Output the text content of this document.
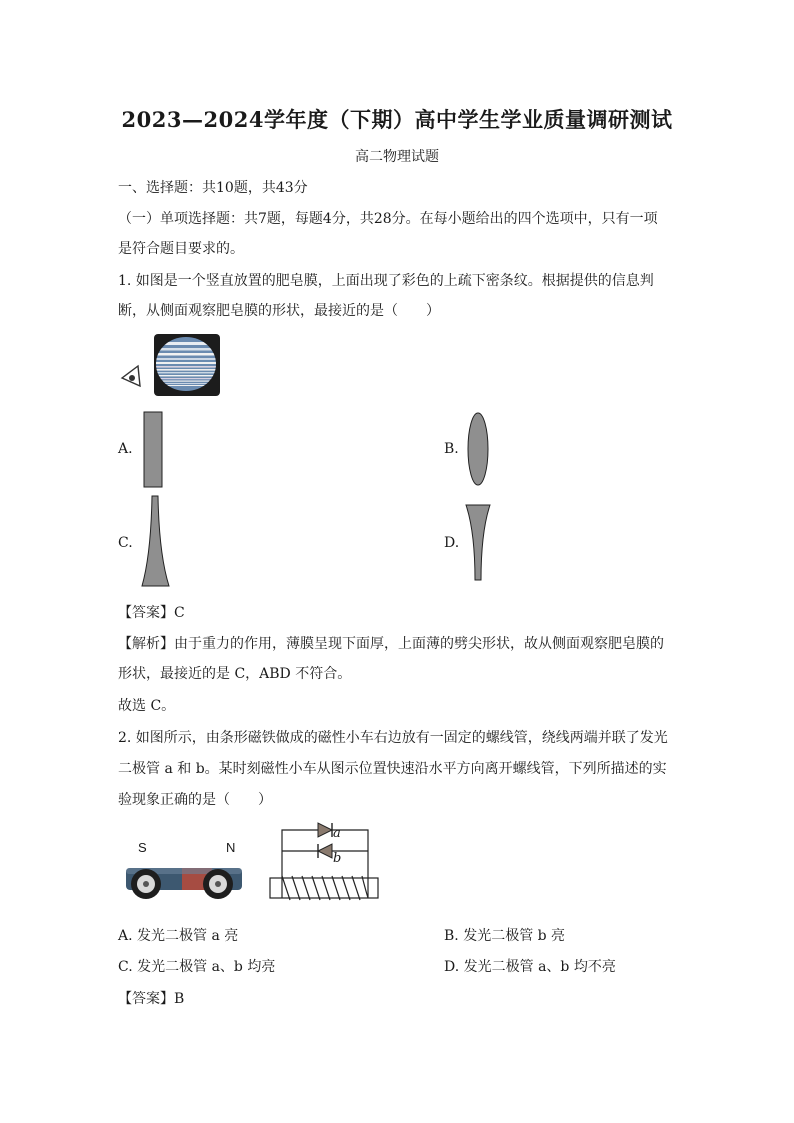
2023—2024学年度（下期）高中学生学业质量调研测试
高二物理试题
一、选择题：共10题，共43分
（一）单项选择题：共7题，每题4分，共28分。在每小题给出的四个选项中，只有一项
是符合题目要求的。
1. 如图是一个竖直放置的肥皂膜，上面出现了彩色的上疏下密条纹。根据提供的信息判
断，从侧面观察肥皂膜的形状，最接近的是（　　）
A.	B.
C.	D.
【答案】C
【解析】由于重力的作用，薄膜呈现下面厚，上面薄的劈尖形状，故从侧面观察肥皂膜的
形状，最接近的是 C，ABD 不符合。
故选 C。
2. 如图所示，由条形磁铁做成的磁性小车右边放有一固定的螺线管，绕线两端并联了发光
二极管 a 和 b。某时刻磁性小车从图示位置快速沿水平方向离开螺线管，下列所描述的实
验现象正确的是（　　）
S	N
a
b
A. 发光二极管 a 亮	B. 发光二极管 b 亮
C. 发光二极管 a、b 均亮	D. 发光二极管 a、b 均不亮
【答案】B
